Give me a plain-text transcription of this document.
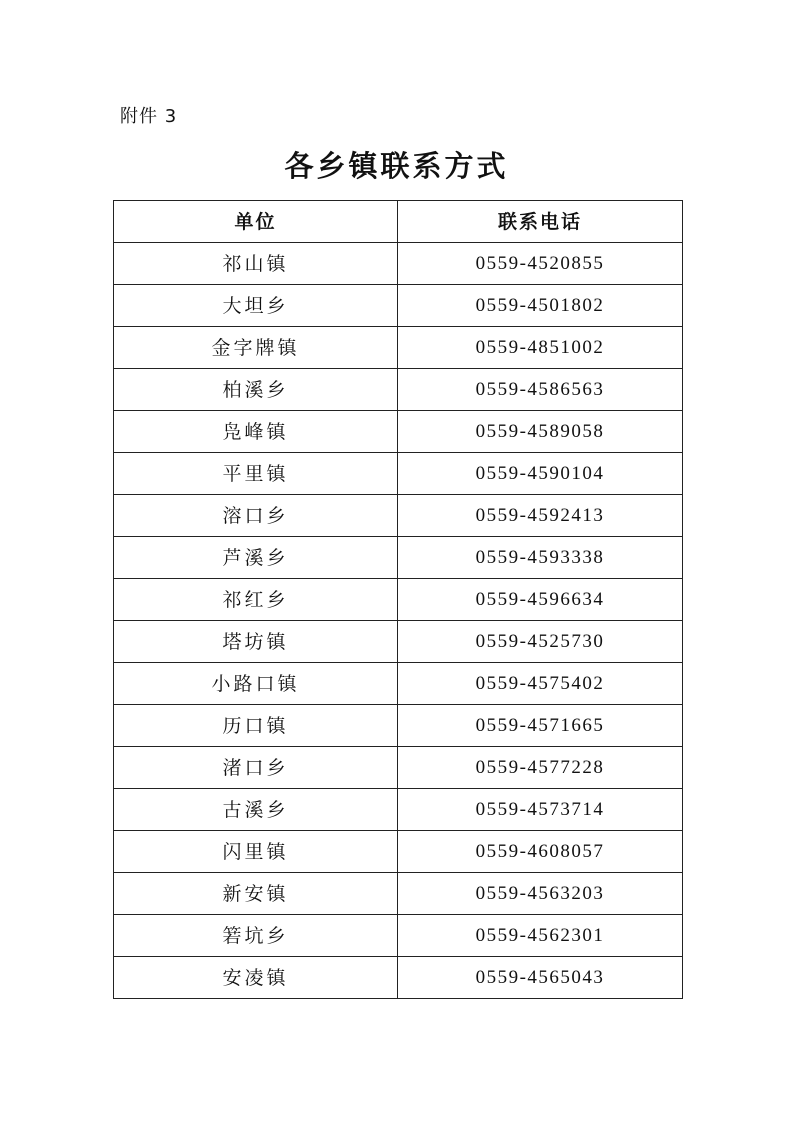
附件 3
各乡镇联系方式
单位	联系电话
祁山镇	0559-4520855
大坦乡	0559-4501802
金字牌镇	0559-4851002
柏溪乡	0559-4586563
凫峰镇	0559-4589058
平里镇	0559-4590104
溶口乡	0559-4592413
芦溪乡	0559-4593338
祁红乡	0559-4596634
塔坊镇	0559-4525730
小路口镇	0559-4575402
历口镇	0559-4571665
渚口乡	0559-4577228
古溪乡	0559-4573714
闪里镇	0559-4608057
新安镇	0559-4563203
箬坑乡	0559-4562301
安凌镇	0559-4565043
